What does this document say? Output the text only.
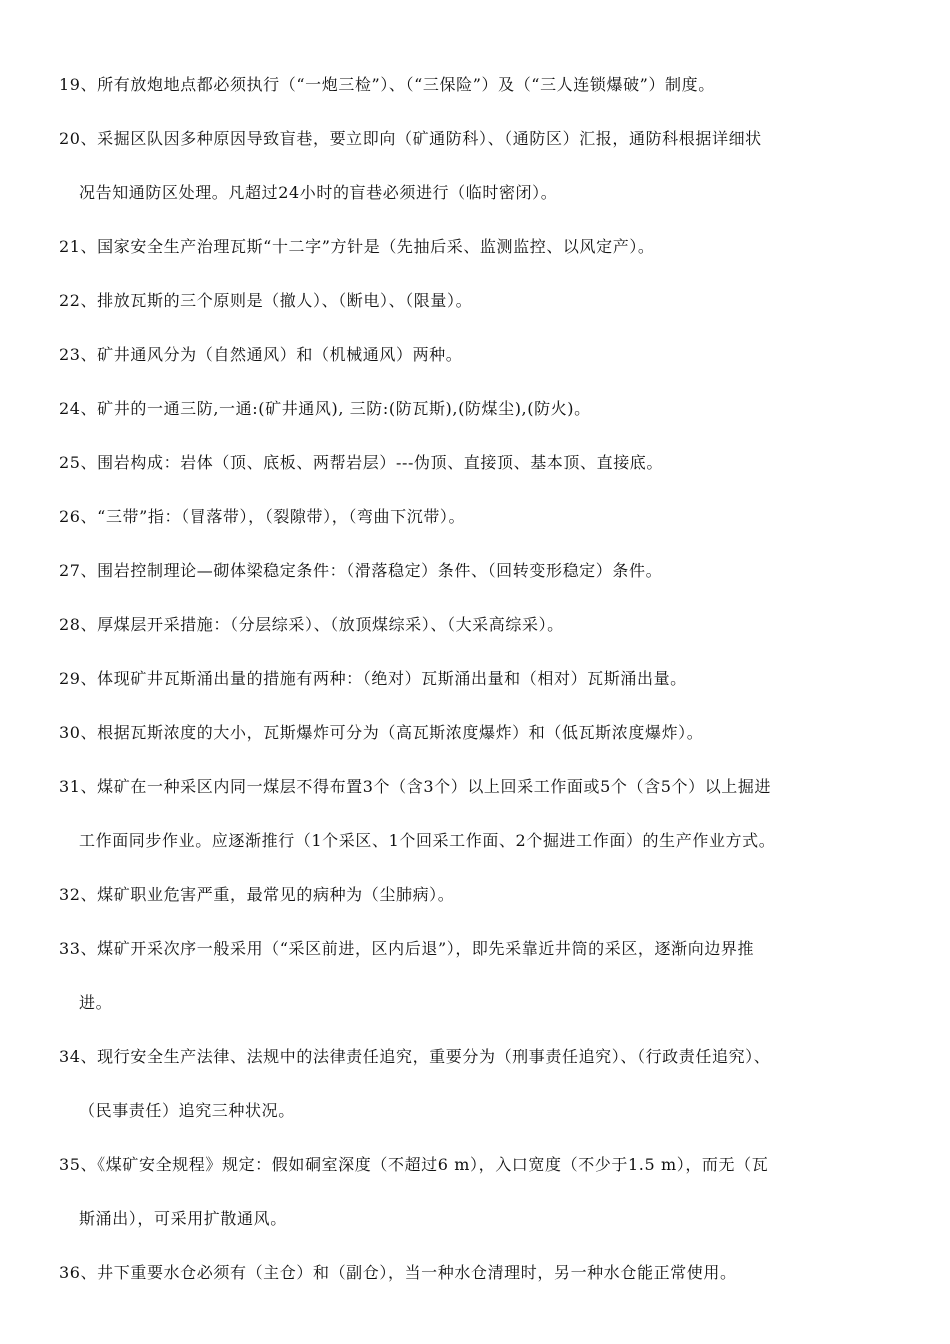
19、所有放炮地点都必须执行（“一炮三检”）、（“三保险”）及（“三人连锁爆破”）制度。
20、采掘区队因多种原因导致盲巷，要立即向（矿通防科）、（通防区）汇报，通防科根据详细状
况告知通防区处理。凡超过24小时的盲巷必须进行（临时密闭）。
21、国家安全生产治理瓦斯“十二字”方针是（先抽后采、监测监控、以风定产）。
22、排放瓦斯的三个原则是（撤人）、（断电）、（限量）。
23、矿井通风分为（自然通风）和（机械通风）两种。
24、矿井的一通三防,一通:(矿井通风), 三防:(防瓦斯),(防煤尘),(防火)。
25、围岩构成：岩体（顶、底板、两帮岩层）---伪顶、直接顶、基本顶、直接底。
26、“三带”指：（冒落带），（裂隙带），（弯曲下沉带）。
27、围岩控制理论—砌体梁稳定条件：（滑落稳定）条件、（回转变形稳定）条件。
28、厚煤层开采措施：（分层综采）、（放顶煤综采）、（大采高综采）。
29、体现矿井瓦斯涌出量的措施有两种：（绝对）瓦斯涌出量和（相对）瓦斯涌出量。
30、根据瓦斯浓度的大小，瓦斯爆炸可分为（高瓦斯浓度爆炸）和（低瓦斯浓度爆炸）。
31、煤矿在一种采区内同一煤层不得布置3个（含3个）以上回采工作面或5个（含5个）以上掘进
工作面同步作业。应逐渐推行（1个采区、1个回采工作面、2个掘进工作面）的生产作业方式。
32、煤矿职业危害严重，最常见的病种为（尘肺病）。
33、煤矿开采次序一般采用（“采区前进，区内后退”），即先采靠近井筒的采区，逐渐向边界推
进。
34、现行安全生产法律、法规中的法律责任追究，重要分为（刑事责任追究）、（行政责任追究）、
（民事责任）追究三种状况。
35、《煤矿安全规程》规定：假如硐室深度（不超过6 m），入口宽度（不少于1.5 m），而无（瓦
斯涌出），可采用扩散通风。
36、井下重要水仓必须有（主仓）和（副仓），当一种水仓清理时，另一种水仓能正常使用。
